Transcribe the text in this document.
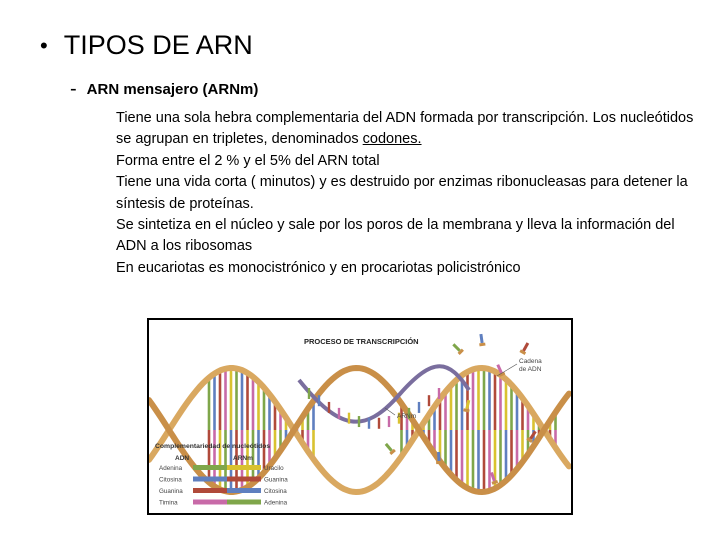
• TIPOS DE ARN
- ARN mensajero (ARNm)

Tiene una sola hebra complementaria del ADN formada por transcripción. Los nucleótidos se agrupan en tripletes, denominados codones.

Forma entre el 2 % y el 5% del ARN total

Tiene una vida corta ( minutos) y es destruido por enzimas ribonucleasas para detener la síntesis de proteínas.

Se sintetiza en el núcleo y sale por los poros de la membrana y lleva la información del ADN a los ribosomas

En eucariotas es monocistrónico y en procariotas policistrónico

PROCESO DE TRANSCRIPCIÓN
Cadena
de ADN
ARNm
Complementariedad de nucleótidos
ADN	ARNm
Adenina	Uracilo
Citosina	Guanina
Guanina	Citosina
Timina	Adenina
